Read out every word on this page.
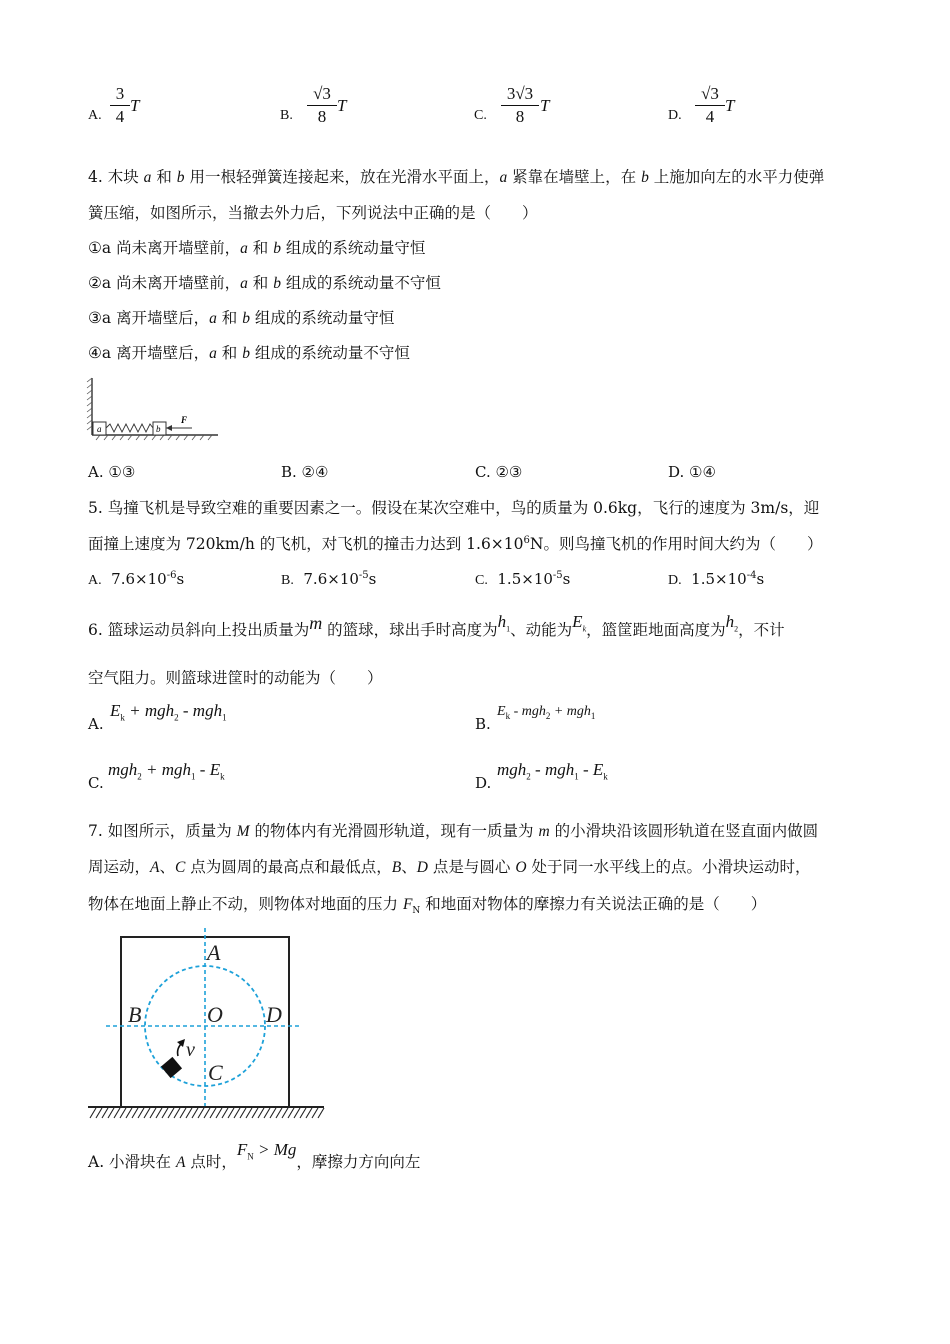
A.
3
4
T
B.
√3
8
T
C.
3√3
8
T
D.
√3
4
T
4. 木块 a 和 b 用一根轻弹簧连接起来，放在光滑水平面上，a 紧靠在墙壁上，在 b 上施加向左的水平力使弹
簧压缩，如图所示，当撤去外力后，下列说法中正确的是（　　）
①a 尚未离开墙壁前，a 和 b 组成的系统动量守恒
②a 尚未离开墙壁前，a 和 b 组成的系统动量不守恒
③a 离开墙壁后，a 和 b 组成的系统动量守恒
④a 离开墙壁后，a 和 b 组成的系统动量不守恒
a	b
F
A. ①③	B. ②④	C. ②③	D. ①④
5. 鸟撞飞机是导致空难的重要因素之一。假设在某次空难中，鸟的质量为 0.6kg，飞行的速度为 3m/s，迎
面撞上速度为 720km/h 的飞机，对飞机的撞击力达到 $1.6\times 10^6N$。则鸟撞飞机的作用时间大约为（　　）
A. $7.6\times 10^{-6}s$	B. $7.6\times 10^{-5}s$	C. $1.5\times 10^{-5}s$	D. $1.5\times 10^{-4}s$
6. 篮球运动员斜向上投出质量为m 的篮球，球出手时高度为$h_1$、动能为$E_k$，篮筐距地面高度为$h_2$，不计
空气阻力。则篮球进筐时的动能为（　　）
A.
$E_k + mgh_2 - mgh_1$	B.
$E_k - mgh_2 + mgh_1$
C.
$mgh_2 + mgh_1 - E_k$	D.
$mgh_2 - mgh_1 - E_k$
7. 如图所示，质量为 M 的物体内有光滑圆形轨道，现有一质量为 m 的小滑块沿该圆形轨道在竖直面内做圆
周运动，A、C 点为圆周的最高点和最低点，B、D 点是与圆心 O 处于同一水平线上的点。小滑块运动时，
物体在地面上静止不动，则物体对地面的压力 $F_N$ 和地面对物体的摩擦力有关说法正确的是（　　）
A
B	O D
C
v
A. 小滑块在 A 点时，$F_N > Mg$，摩擦力方向向左
